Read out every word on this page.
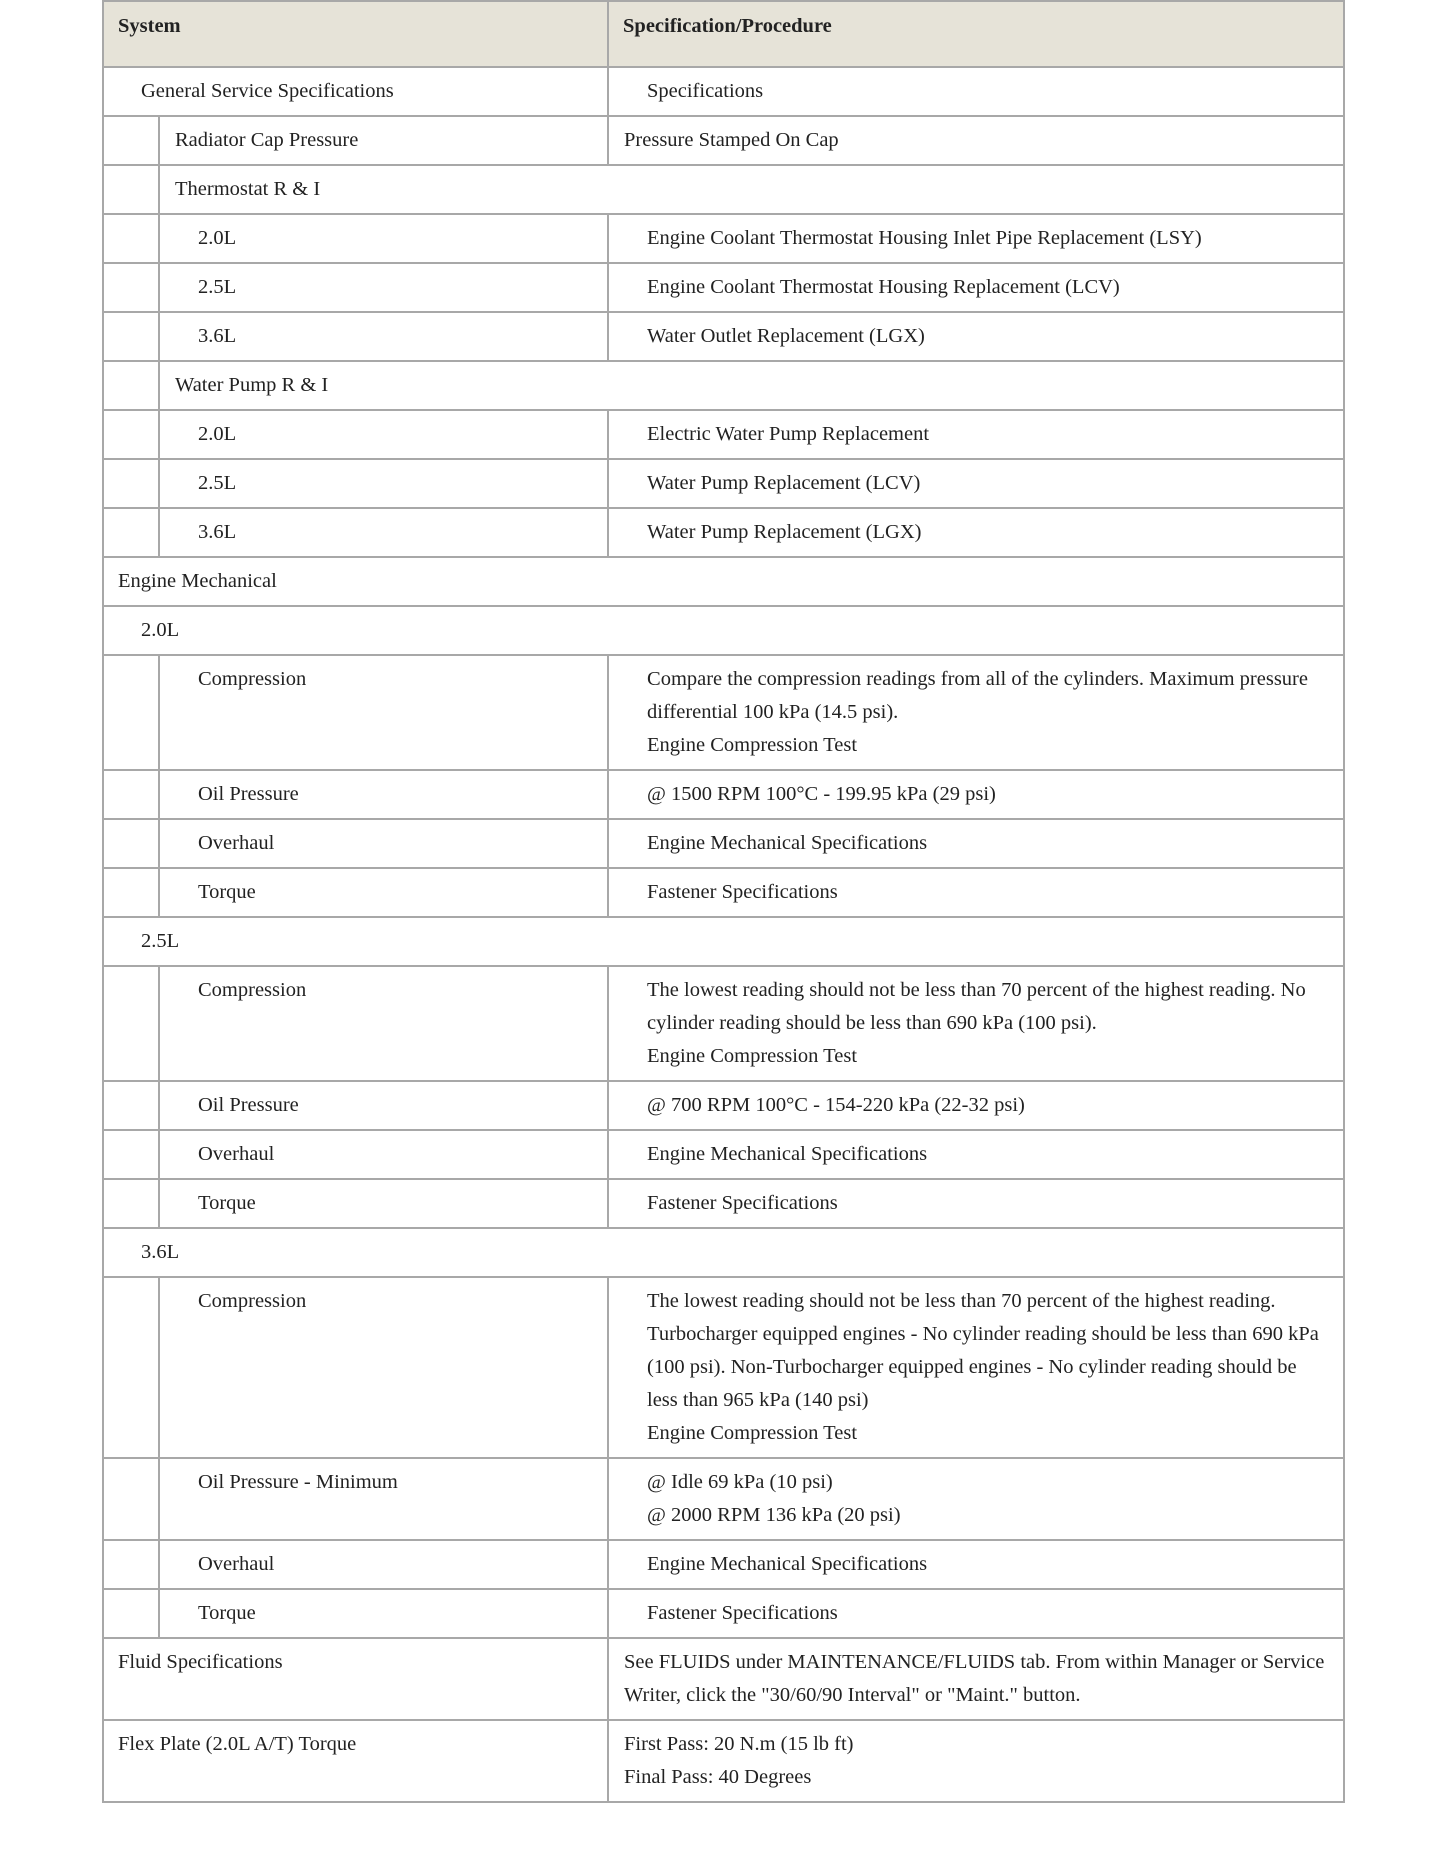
System		Specification/Procedure
General Service Specifications		Specifications
	Radiator Cap Pressure	Pressure Stamped On Cap
	Thermostat R & I	
	2.0L	Engine Coolant Thermostat Housing Inlet Pipe Replacement (LSY)
	2.5L	Engine Coolant Thermostat Housing Replacement (LCV)
	3.6L	Water Outlet Replacement (LGX)
	Water Pump R & I	
	2.0L	Electric Water Pump Replacement
	2.5L	Water Pump Replacement (LCV)
	3.6L	Water Pump Replacement (LGX)
Engine Mechanical		
2.0L		
	Compression	Compare the compression readings from all of the cylinders. Maximum pressure differential 100 kPa (14.5 psi).
Engine Compression Test

	Oil Pressure	@ 1500 RPM 100°C - 199.95 kPa (29 psi)
	Overhaul	Engine Mechanical Specifications
	Torque	Fastener Specifications
2.5L		
	Compression	The lowest reading should not be less than 70 percent of the highest reading. No cylinder reading should be less than 690 kPa (100 psi).
Engine Compression Test

	Oil Pressure	@ 700 RPM 100°C - 154-220 kPa (22-32 psi)
	Overhaul	Engine Mechanical Specifications
	Torque	Fastener Specifications
3.6L		
	Compression	The lowest reading should not be less than 70 percent of the highest reading. Turbocharger equipped engines - No cylinder reading should be less than 690 kPa (100 psi). Non-Turbocharger equipped engines - No cylinder reading should be less than 965 kPa (140 psi)
Engine Compression Test

	Oil Pressure - Minimum	@ Idle 69 kPa (10 psi)
@ 2000 RPM 136 kPa (20 psi)

	Overhaul	Engine Mechanical Specifications
	Torque	Fastener Specifications
Fluid Specifications		See FLUIDS under MAINTENANCE/FLUIDS tab. From within Manager or Service Writer, click the "30/60/90 Interval" or "Maint." button.
Flex Plate (2.0L A/T) Torque		First Pass: 20 N.m (15 lb ft)
Final Pass: 40 Degrees
